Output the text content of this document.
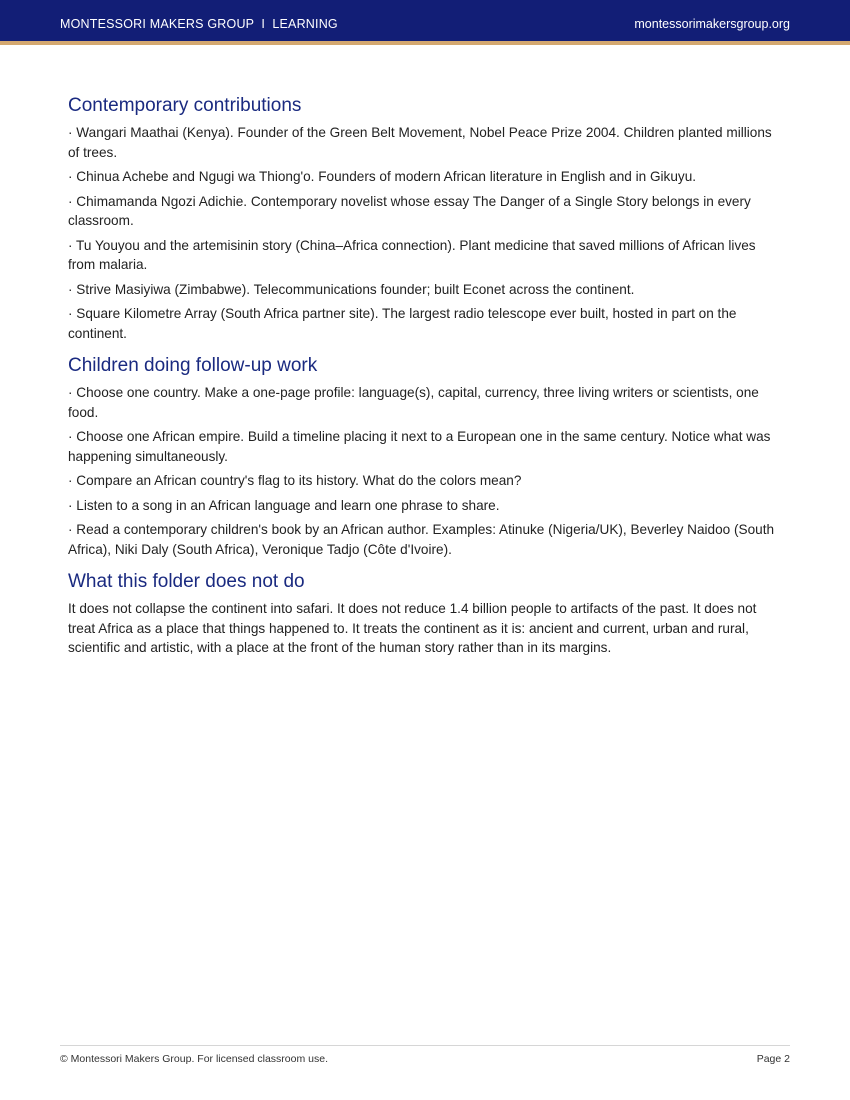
MONTESSORI MAKERS GROUP  I  LEARNING	montessorimakersgroup.org
Contemporary contributions
· Wangari Maathai (Kenya). Founder of the Green Belt Movement, Nobel Peace Prize 2004. Children planted millions of trees.
· Chinua Achebe and Ngugi wa Thiong'o. Founders of modern African literature in English and in Gikuyu.
· Chimamanda Ngozi Adichie. Contemporary novelist whose essay The Danger of a Single Story belongs in every classroom.
· Tu Youyou and the artemisinin story (China–Africa connection). Plant medicine that saved millions of African lives from malaria.
· Strive Masiyiwa (Zimbabwe). Telecommunications founder; built Econet across the continent.
· Square Kilometre Array (South Africa partner site). The largest radio telescope ever built, hosted in part on the continent.
Children doing follow-up work
· Choose one country. Make a one-page profile: language(s), capital, currency, three living writers or scientists, one food.
· Choose one African empire. Build a timeline placing it next to a European one in the same century. Notice what was happening simultaneously.
· Compare an African country's flag to its history. What do the colors mean?
· Listen to a song in an African language and learn one phrase to share.
· Read a contemporary children's book by an African author. Examples: Atinuke (Nigeria/UK), Beverley Naidoo (South Africa), Niki Daly (South Africa), Veronique Tadjo (Côte d'Ivoire).
What this folder does not do
It does not collapse the continent into safari. It does not reduce 1.4 billion people to artifacts of the past. It does not treat Africa as a place that things happened to. It treats the continent as it is: ancient and current, urban and rural, scientific and artistic, with a place at the front of the human story rather than in its margins.
© Montessori Makers Group. For licensed classroom use.	Page 2
